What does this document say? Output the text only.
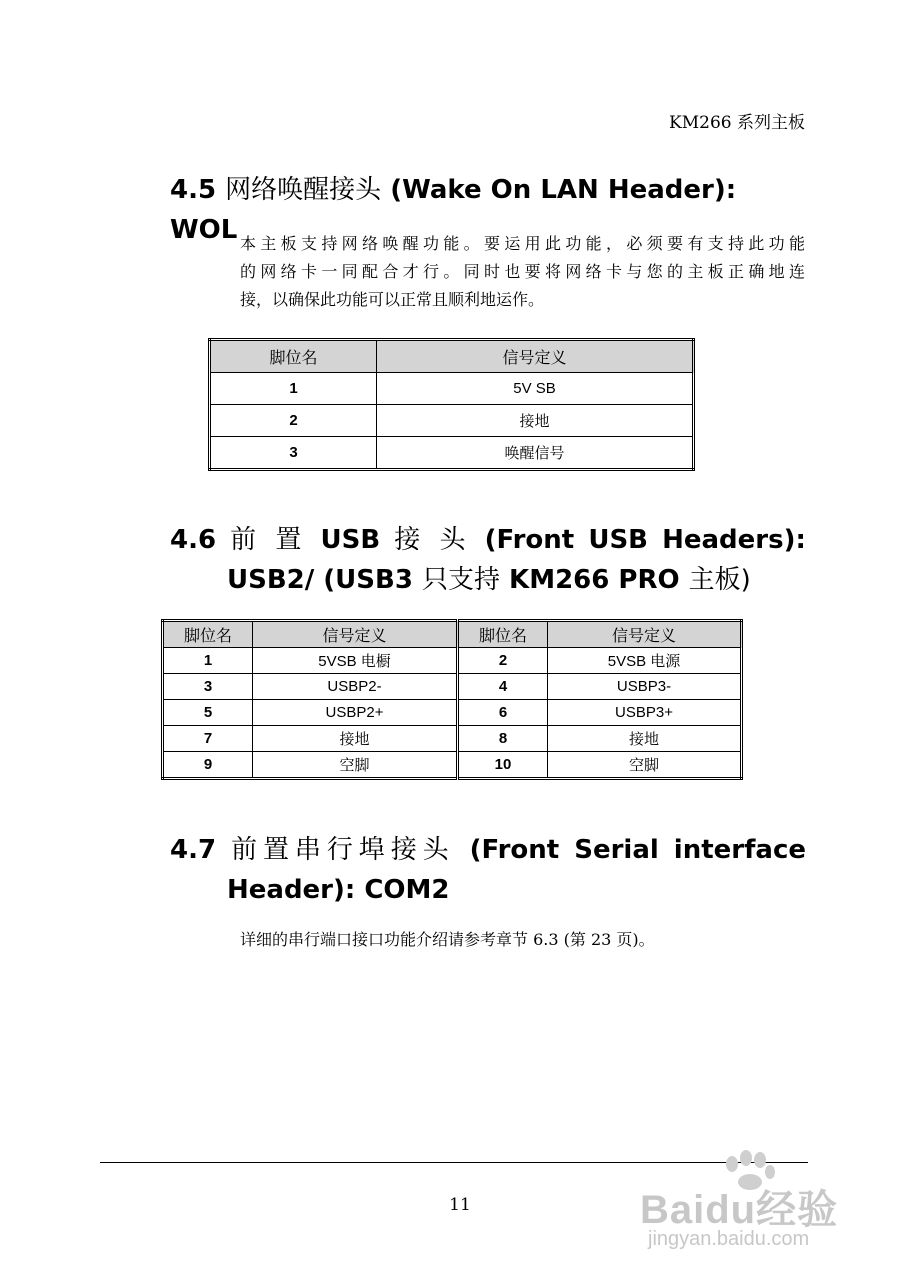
KM266 系列主板
4.5 网络唤醒接头 (Wake On LAN Header): WOL 本主板支持网络唤醒功能。要运用此功能，必须要有支持此功能
的网络卡一同配合才行。同时也要将网络卡与您的主板正确地连
接，以确保此功能可以正常且顺利地运作。
脚位名	信号定义
1	5V SB
2	接地
3	唤醒信号
4.6 前 置 USB 接 头 (Front USB Headers):
USB2/ (USB3 只支持 KM266 PRO 主板)
脚位名	信号定义	脚位名	信号定义
1	5VSB 电橱	2	5VSB 电源
3	USBP2-	4	USBP3-
5	USBP2+	6	USBP3+
7	接地	8	接地
9	空脚	10	空脚
4.7 前置串行埠接头 (Front Serial interface
Header): COM2

详细的串行端口接口功能介绍请参考章节 6.3 (第 23 页)。

11	Baidu经验
jingyan.baidu.com
